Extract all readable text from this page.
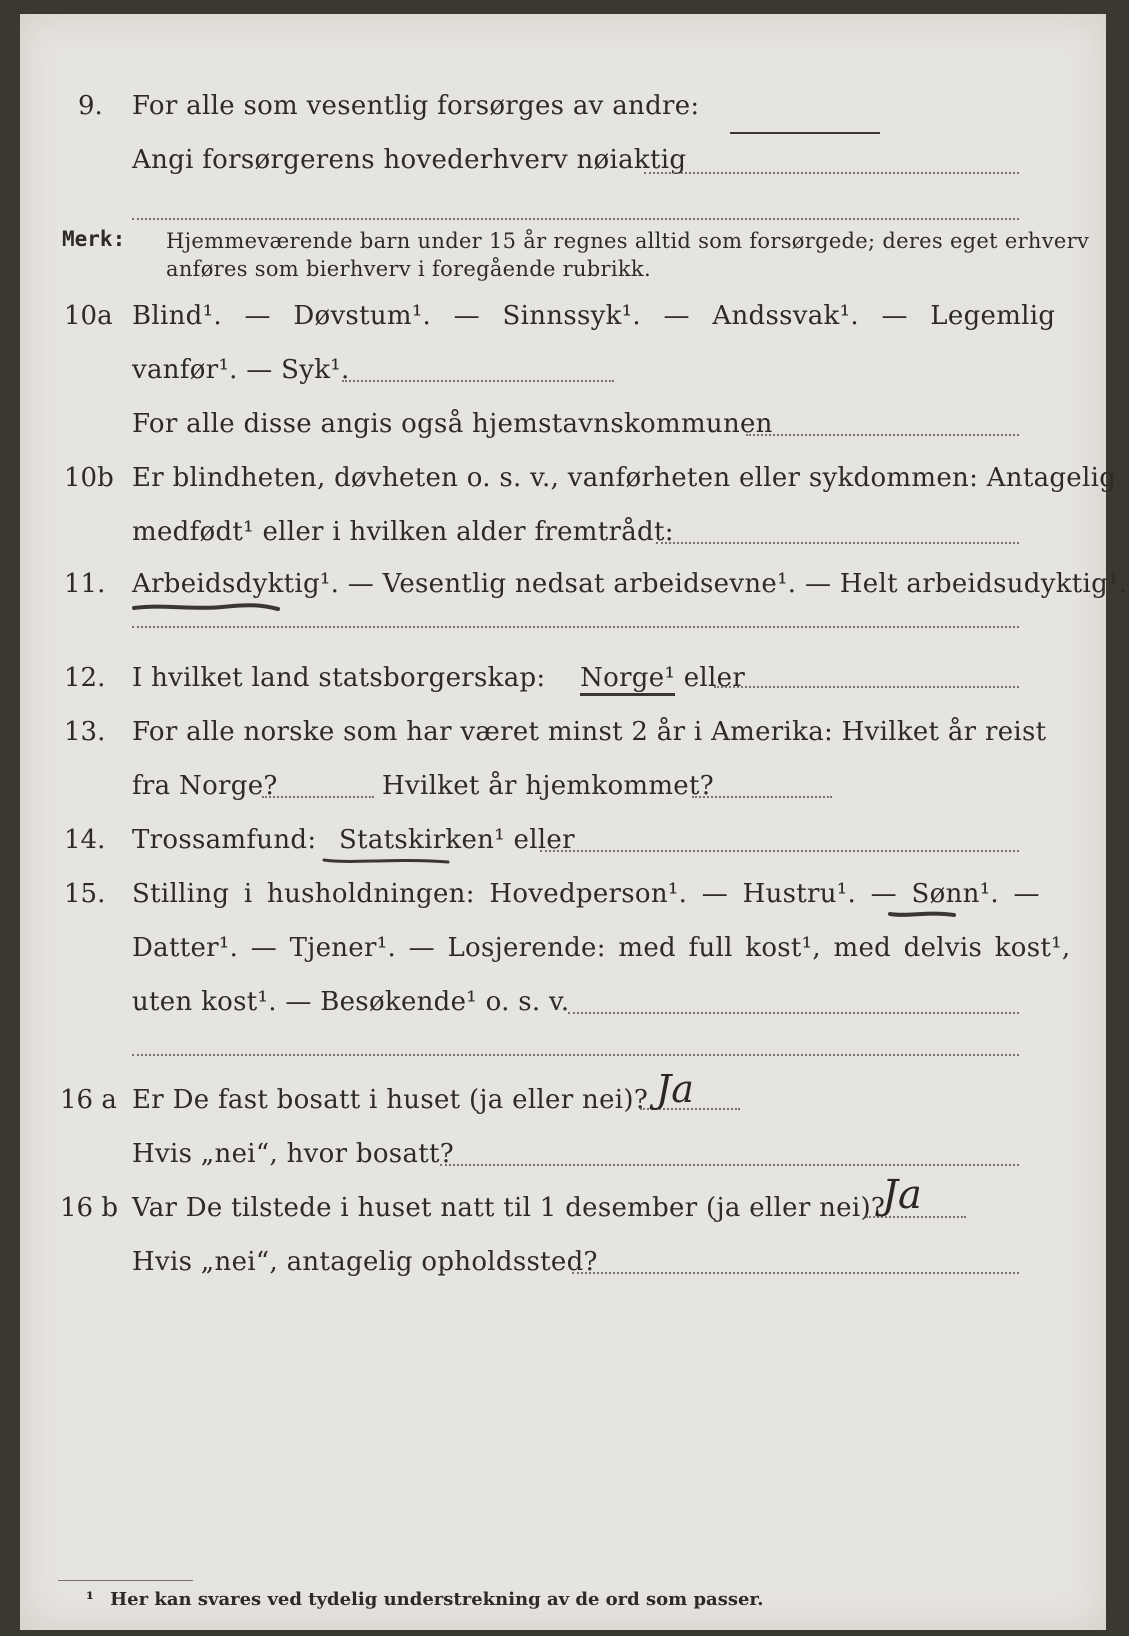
9. For alle som vesentlig forsørges av andre:
Angi forsørgerens hovederhverv nøiaktig
Merk: Hjemmeværende barn under 15 år regnes alltid som forsørgede; deres eget erhverv
anføres som bierhverv i foregående rubrikk.
10a Blind¹. — Døvstum¹. — Sinnssyk¹. — Andssvak¹. — Legemlig
vanfør¹. — Syk¹.
For alle disse angis også hjemstavnskommunen
10b Er blindheten, døvheten o. s. v., vanførheten eller sykdommen: Antagelig
medfødt¹ eller i hvilken alder fremtrådt:
11. Arbeidsdyktig¹. — Vesentlig nedsat arbeidsevne¹. — Helt arbeidsudyktig¹.
12. I hvilket land statsborgerskap: Norge¹ eller
13. For alle norske som har været minst 2 år i Amerika: Hvilket år reist
fra Norge?	Hvilket år hjemkommet?
14. Trossamfund: Statskirken¹ eller
15. Stilling i husholdningen: Hovedperson¹. — Hustru¹. — Sønn¹. —
Datter¹. — Tjener¹. — Losjerende: med full kost¹, med delvis kost¹,
uten kost¹. — Besøkende¹ o. s. v.
16 a Er De fast bosatt i huset (ja eller nei)? Ja
Hvis „nei“, hvor bosatt?
16 b Var De tilstede i huset natt til 1 desember (ja eller nei)?
Ja
Hvis „nei“, antagelig opholdssted?
¹ Her kan svares ved tydelig understrekning av de ord som passer.
